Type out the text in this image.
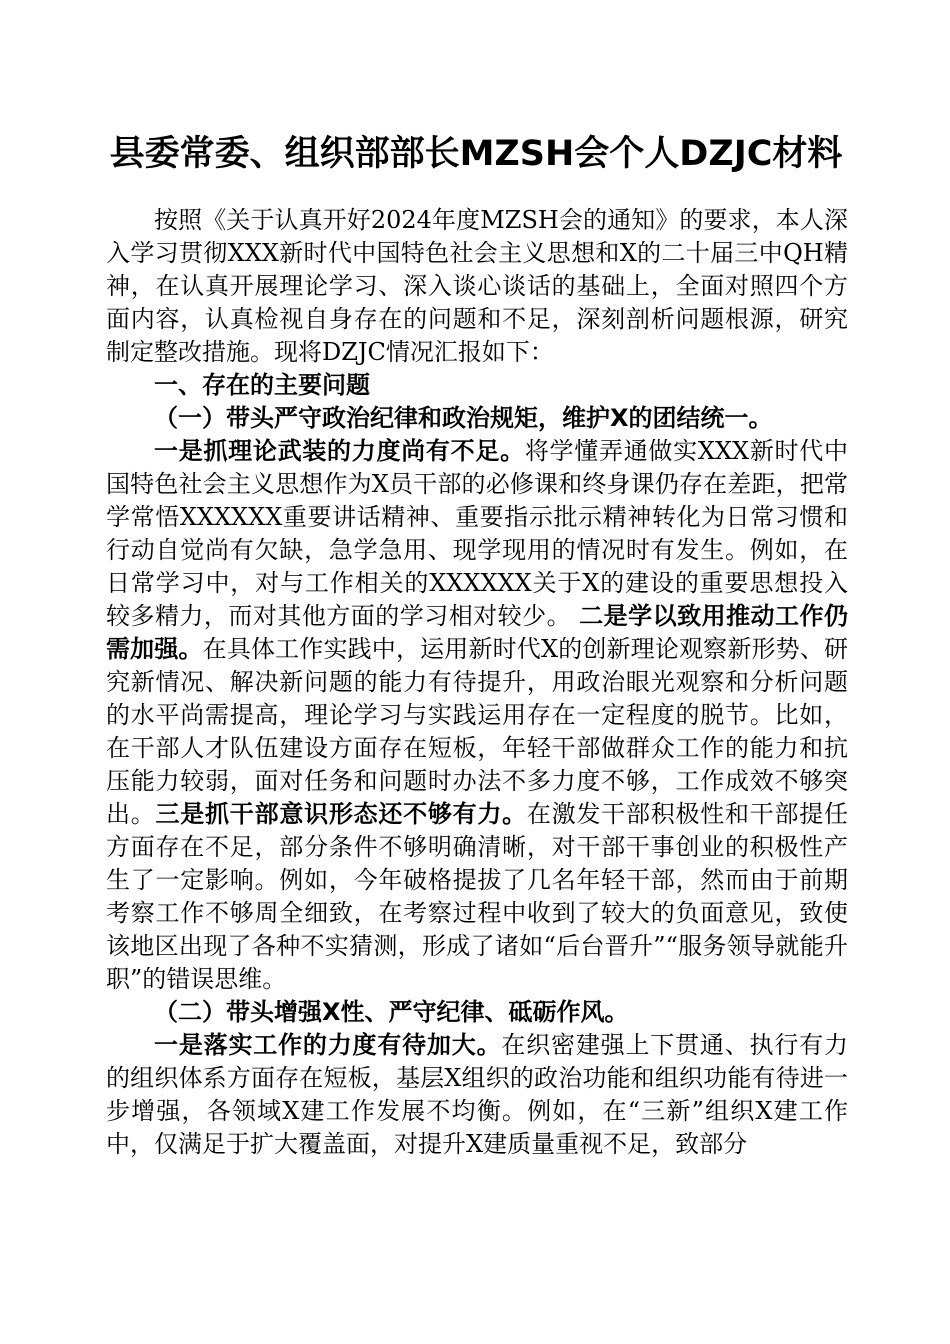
县委常委、组织部部长MZSH会个人DZJC材料

按照《关于认真开好2024年度MZSH会的通知》的要求，本人深入学习贯彻XXX新时代中国特色社会主义思想和X的二十届三中QH精神，在认真开展理论学习、深入谈心谈话的基础上，全面对照四个方面内容，认真检视自身存在的问题和不足，深刻剖析问题根源，研究制定整改措施。现将DZJC情况汇报如下：

一、存在的主要问题

（一）带头严守政治纪律和政治规矩，维护X的团结统一。

一是抓理论武装的力度尚有不足。将学懂弄通做实XXX新时代中国特色社会主义思想作为X员干部的必修课和终身课仍存在差距，把常学常悟XXXXXX重要讲话精神、重要指示批示精神转化为日常习惯和行动自觉尚有欠缺，急学急用、现学现用的情况时有发生。例如，在日常学习中，对与工作相关的XXXXXX关于X的建设的重要思想投入较多精力，而对其他方面的学习相对较少。 二是学以致用推动工作仍需加强。在具体工作实践中，运用新时代X的创新理论观察新形势、研究新情况、解决新问题的能力有待提升，用政治眼光观察和分析问题的水平尚需提高，理论学习与实践运用存在一定程度的脱节。比如，在干部人才队伍建设方面存在短板，年轻干部做群众工作的能力和抗压能力较弱，面对任务和问题时办法不多力度不够，工作成效不够突出。三是抓干部意识形态还不够有力。在激发干部积极性和干部提任方面存在不足，部分条件不够明确清晰，对干部干事创业的积极性产生了一定影响。例如，今年破格提拔了几名年轻干部，然而由于前期考察工作不够周全细致，在考察过程中收到了较大的负面意见，致使该地区出现了各种不实猜测，形成了诸如“后台晋升”“服务领导就能升职”的错误思维。

（二）带头增强X性、严守纪律、砥砺作风。

一是落实工作的力度有待加大。在织密建强上下贯通、执行有力的组织体系方面存在短板，基层X组织的政治功能和组织功能有待进一步增强，各领域X建工作发展不均衡。例如，在“三新”组织X建工作中，仅满足于扩大覆盖面，对提升X建质量重视不足，致部分
